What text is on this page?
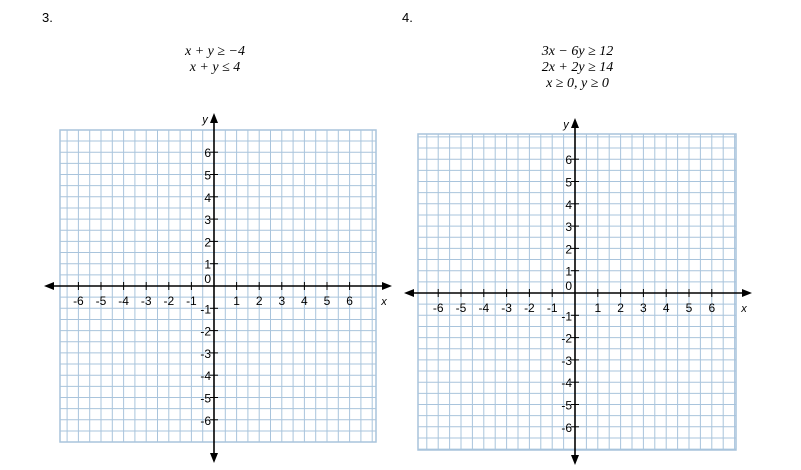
3.	4.
x + y ≥ −4
x + y ≤ 4
3x − 6y ≥ 12
2x + 2y ≥ 14
x ≥ 0, y ≥ 0
-6 -5 -4 -3 -2 -1	1 2 3 4 5 6
-6
-5
-4
-3
-2
-1
1
2
3
4
5
6
0
x
y
-6 -5 -4 -3 -2 -1	1 2 3 4 5 6
-6
-5
-4
-3
-2
-1
1
2
3
4
5
6
0
x
y
